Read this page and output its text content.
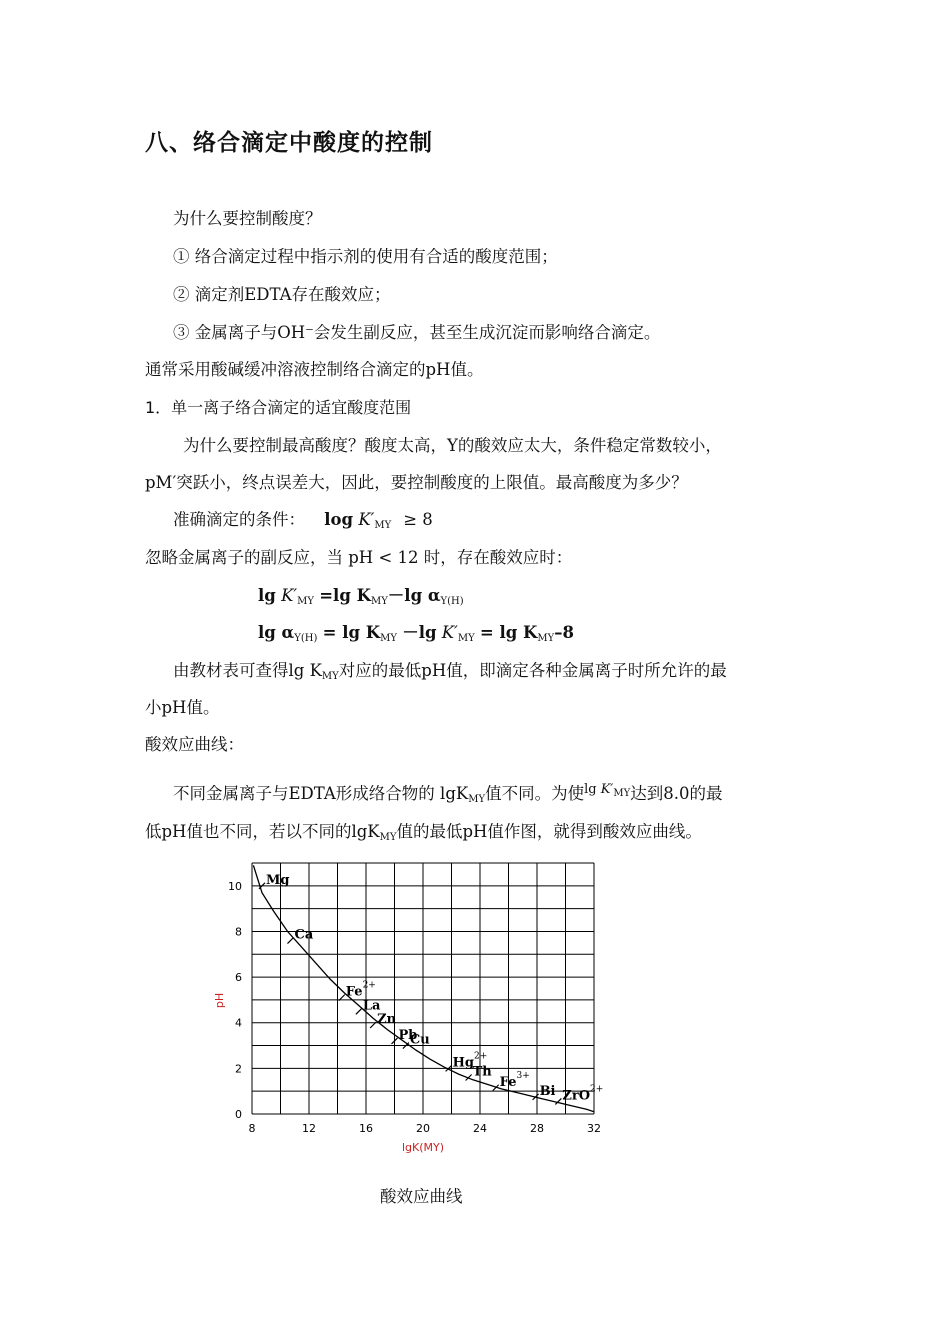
八、络合滴定中酸度的控制
为什么要控制酸度？
① 络合滴定过程中指示剂的使用有合适的酸度范围；
② 滴定剂EDTA存在酸效应；
③ 金属离子与OH⁻会发生副反应，甚至生成沉淀而影响络合滴定。
通常采用酸碱缓冲溶液控制络合滴定的pH值。
1．单一离子络合滴定的适宜酸度范围
为什么要控制最高酸度？酸度太高，Y的酸效应太大，条件稳定常数较小，
pM′突跃小，终点误差大，因此，要控制酸度的上限值。最高酸度为多少？
准确滴定的条件： $\log K'_{MY} \ge 8$
忽略金属离子的副反应，当 pH < 12 时，存在酸效应时：
$\lg K'_{MY} =\lg$ $K_{MY}-\lg$ $\alpha_{Y(H)}$
$\lg \alpha_{Y(H)} = \lg K_{MY} -\lg$ $K'_{MY} = \lg K_{MY}-8$
由教材表可查得$\lg K_{MY}$对应的最低pH值，即滴定各种金属离子时所允许的最
小pH值。
酸效应曲线：
不同金属离子与EDTA形成络合物的 lgK$_{MY}$值不同。为使$\lg K'_{MY}$达到8.0的最
低pH值也不同，若以不同的lgK$_{MY}$值的最低pH值作图，就得到酸效应曲线。
8	12	16	20	24	28	32
0
2
4
6
8
10
lgK(MY)
pH
Mg
Ca
$Fe^{2+}$
La
Zn
Pb
Cu
$Hg^{2+}$
Th
$Fe^{3+}$
Bi ZrO$^{2+}$
酸效应曲线
